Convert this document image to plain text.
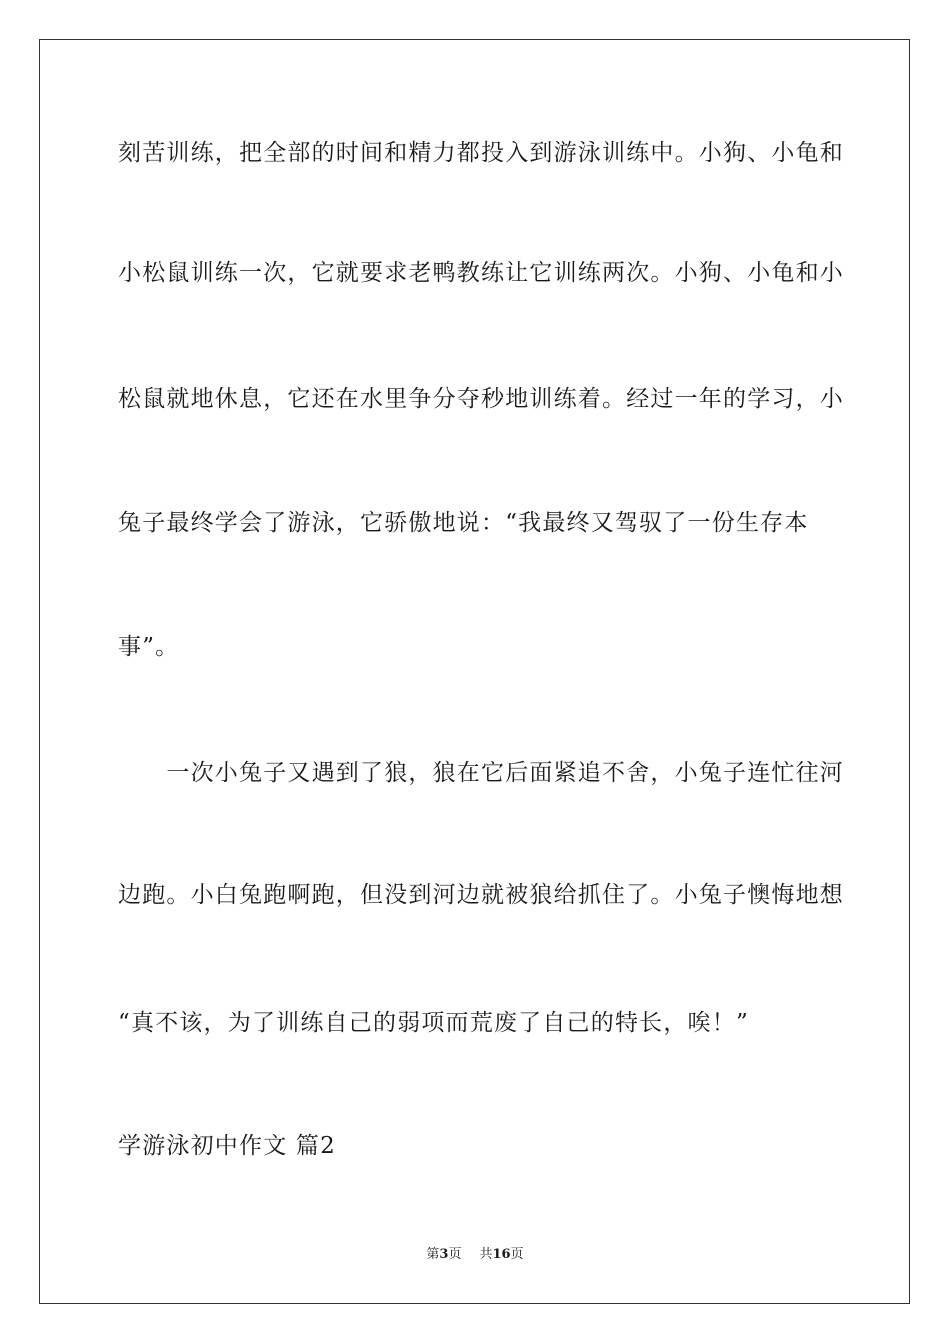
刻苦训练，把全部的时间和精力都投入到游泳训练中。小狗、小龟和
小松鼠训练一次，它就要求老鸭教练让它训练两次。小狗、小龟和小
松鼠就地休息，它还在水里争分夺秒地训练着。经过一年的学习，小
兔子最终学会了游泳，它骄傲地说：“我最终又驾驭了一份生存本
事”。
　　一次小兔子又遇到了狼，狼在它后面紧追不舍，小兔子连忙往河
边跑。小白兔跑啊跑，但没到河边就被狼给抓住了。小兔子懊悔地想
“真不该，为了训练自己的弱项而荒废了自己的特长，唉！”
学游泳初中作文 篇2
第3页 共16页
